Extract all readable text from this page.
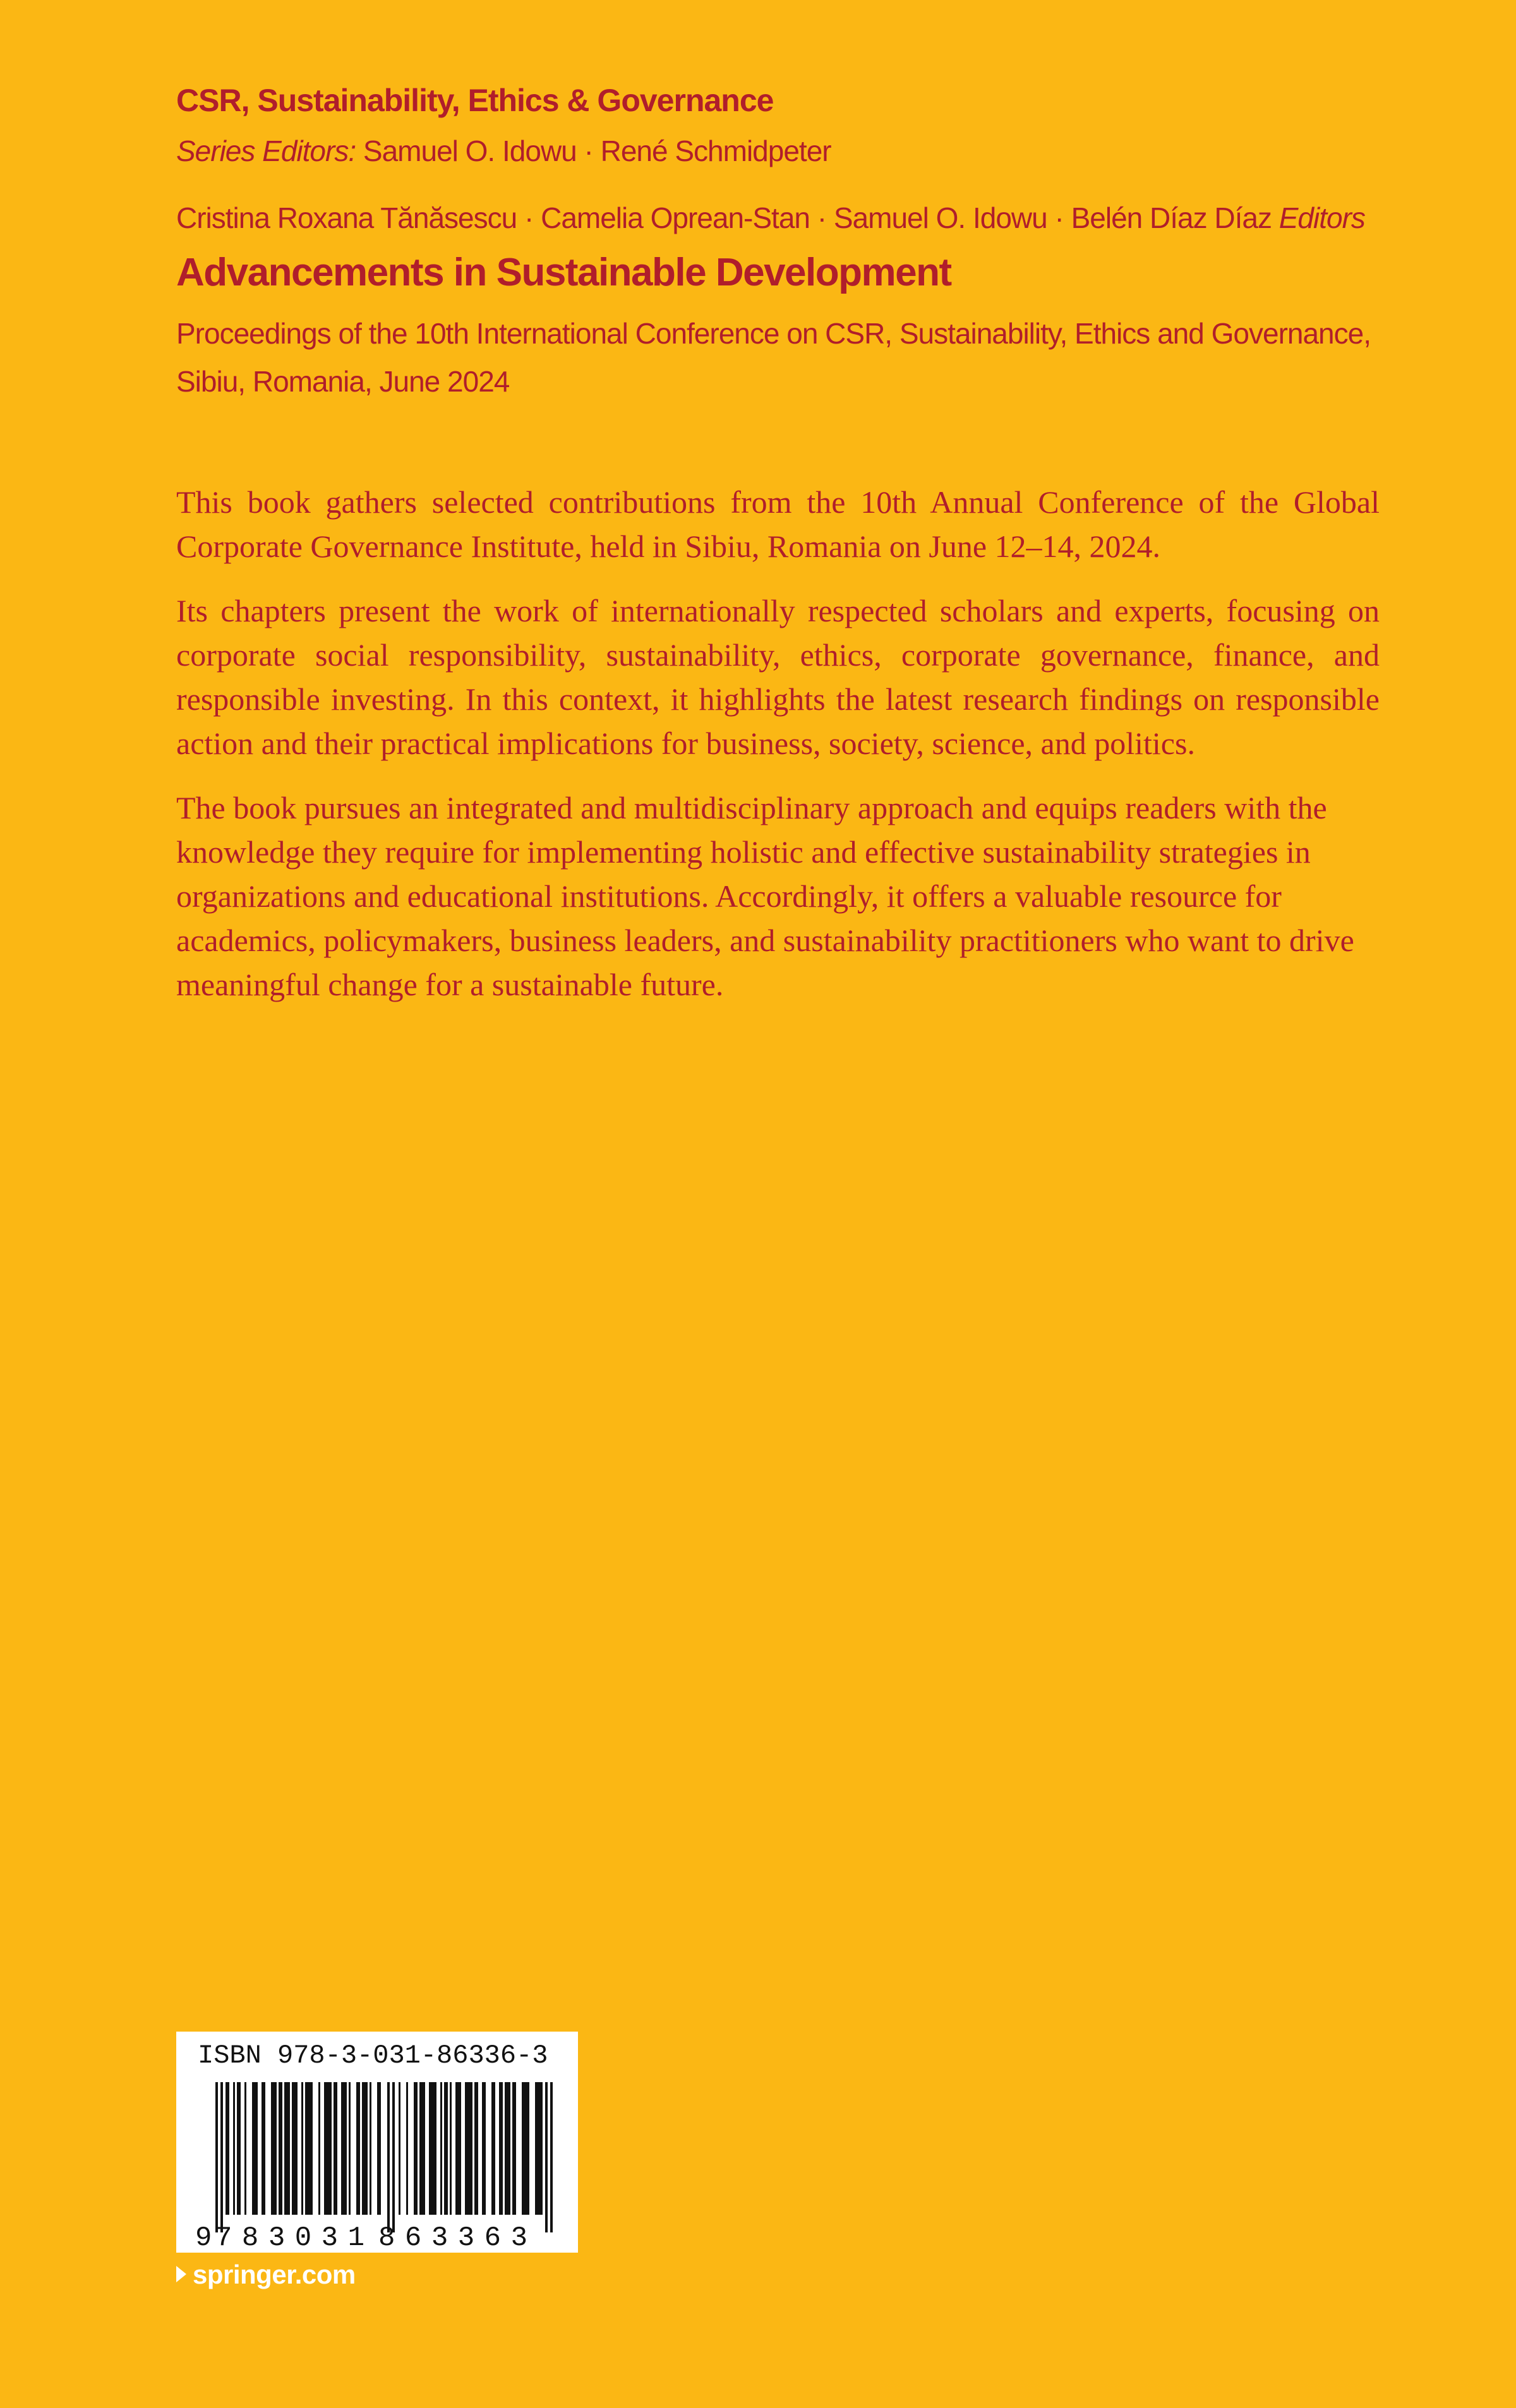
CSR, Sustainability, Ethics & Governance
Series Editors: Samuel O. Idowu · René Schmidpeter
Cristina Roxana Tănăsescu · Camelia Oprean-Stan · Samuel O. Idowu · Belén Díaz Díaz Editors
Advancements in Sustainable Development
Proceedings of the 10th International Conference on CSR, Sustainability, Ethics and Governance,
Sibiu, Romania, June 2024

This book gathers selected contributions from the 10th Annual Conference of the Global Corporate Governance Institute, held in Sibiu, Romania on June 12–14, 2024.

Its chapters present the work of internationally respected scholars and experts, focusing on corporate social responsibility, sustainability, ethics, corporate governance, finance, and responsible investing. In this context, it highlights the latest research findings on responsible action and their practical implications for business, society, science, and politics.

The book pursues an integrated and multidisciplinary approach and equips readers with the knowledge they require for implementing holistic and effective sustainability strategies in organizations and educational institutions. Accordingly, it offers a valuable resource for academics, policymakers, business leaders, and sustainability practitioners who want to drive meaningful change for a sustainable future.

ISBN 978-3-031-86336-3
9 783031 863363
springer.com
